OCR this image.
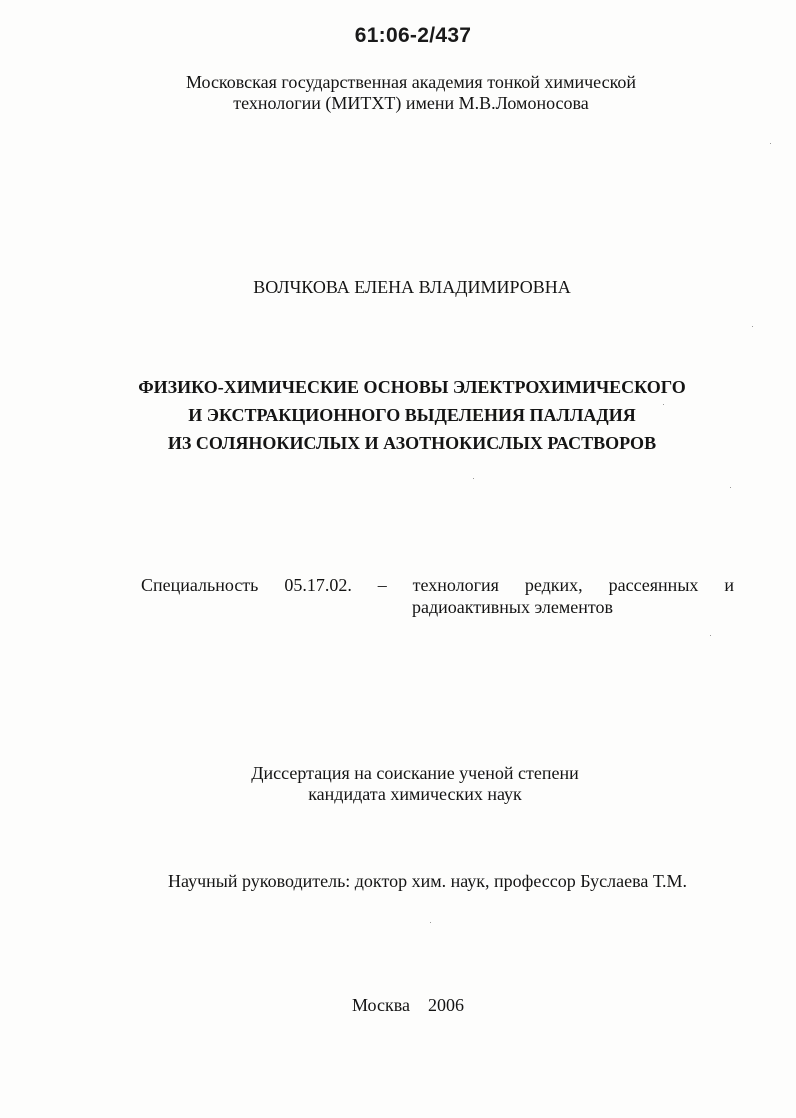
61:06-2/437
Московская государственная академия тонкой химической
технологии (МИТХТ) имени М.В.Ломоносова
ВОЛЧКОВА ЕЛЕНА ВЛАДИМИРОВНА
ФИЗИКО-ХИМИЧЕСКИЕ ОСНОВЫ ЭЛЕКТРОХИМИЧЕСКОГО
И ЭКСТРАКЦИОННОГО ВЫДЕЛЕНИЯ ПАЛЛАДИЯ
ИЗ СОЛЯНОКИСЛЫХ И АЗОТНОКИСЛЫХ РАСТВОРОВ
Специальность 05.17.02. – технология редких, рассеянных и
радиоактивных элементов
Диссертация на соискание ученой степени
кандидата химических наук
Научный руководитель: доктор хим. наук, профессор Буслаева Т.М.
Москва 2006
